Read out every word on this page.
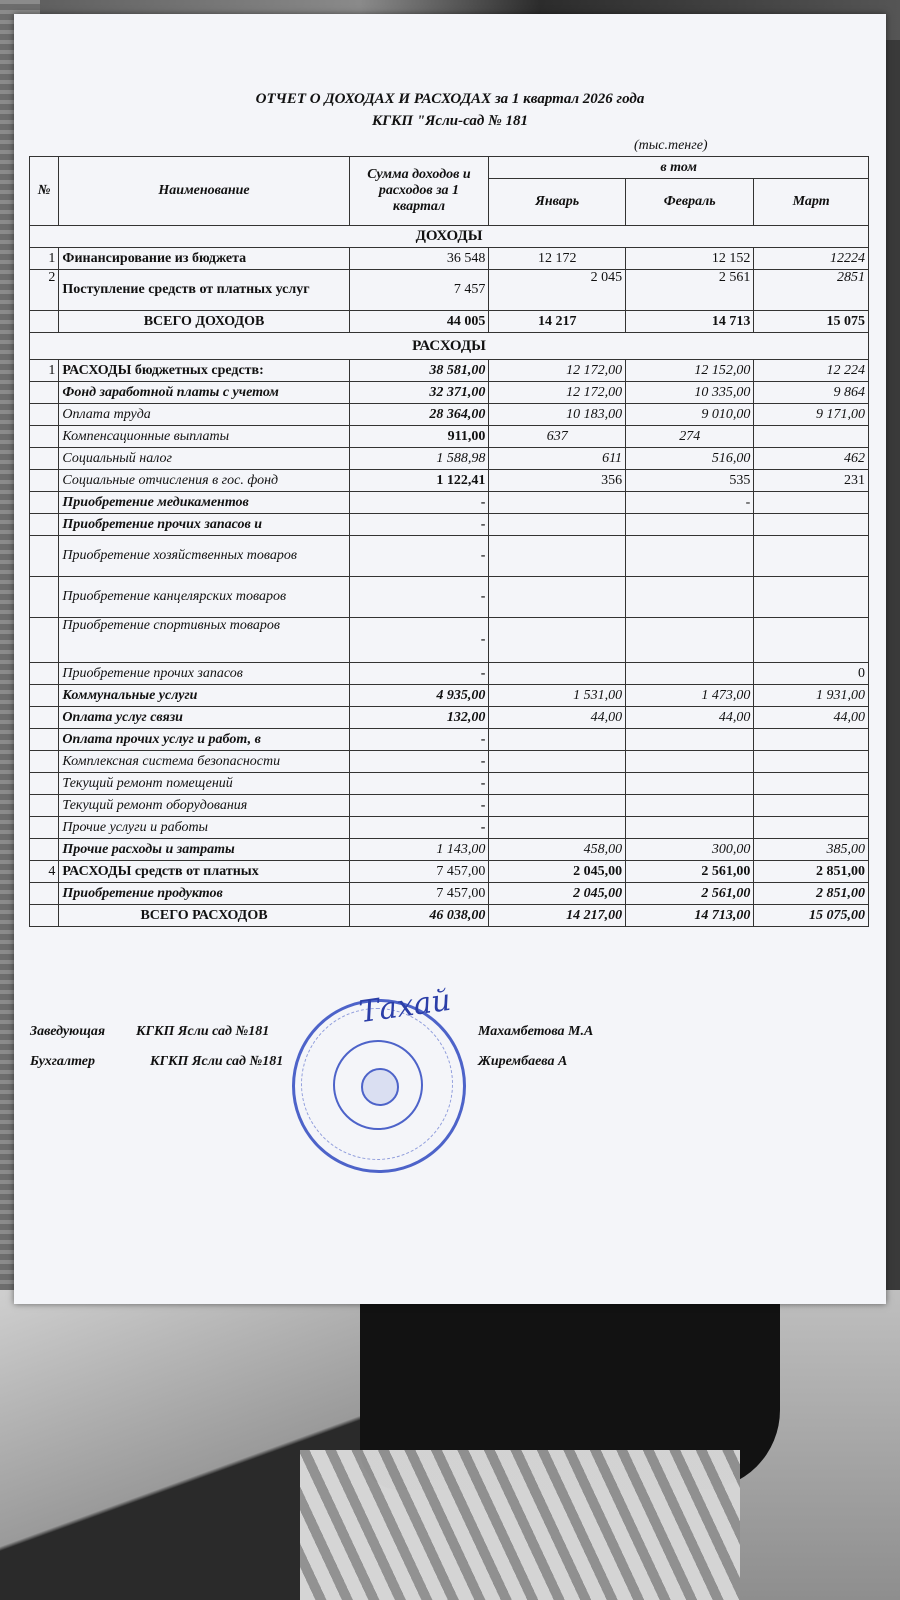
ОТЧЕТ О ДОХОДАХ И РАСХОДАХ за 1 квартал 2026 года
КГКП "Ясли-сад № 181
(тыс.тенге)
№	Наименование	Сумма доходов и расходов за 1 квартал	в том		
			Январь	Февраль	Март
ДОХОДЫ					
1	Финансирование из бюджета	36 548	12 172	12 152	12224
2	Поступление средств от платных услуг	7 457	2 045	2 561	2851
	ВСЕГО ДОХОДОВ	44 005	14 217	14 713	15 075
РАСХОДЫ					
1	РАСХОДЫ бюджетных средств:	38 581,00	12 172,00	12 152,00	12 224
	Фонд заработной платы с учетом	32 371,00	12 172,00	10 335,00	9 864
	Оплата труда	28 364,00	10 183,00	9 010,00	9 171,00
	Компенсационные выплаты	911,00	637	274	
	Социальный налог	1 588,98	611	516,00	462
	Социальные отчисления в гос. фонд	1 122,41	356	535	231
	Приобретение медикаментов	-		-	
	Приобретение прочих запасов и	-			
	Приобретение хозяйственных товаров	-			
	Приобретение канцелярских товаров	-			
	Приобретение спортивных товаров	-			
	Приобретение прочих запасов	-			0
	Коммунальные услуги	4 935,00	1 531,00	1 473,00	1 931,00
	Оплата услуг связи	132,00	44,00	44,00	44,00
	Оплата прочих услуг и работ, в	-			
	Комплексная система безопасности	-			
	Текущий ремонт помещений	-			
	Текущий ремонт оборудования	-			
	Прочие услуги и работы	-			
	Прочие расходы и затраты	1 143,00	458,00	300,00	385,00
4	РАСХОДЫ средств от платных	7 457,00	2 045,00	2 561,00	2 851,00
	Приобретение продуктов	7 457,00	2 045,00	2 561,00	2 851,00
	ВСЕГО РАСХОДОВ	46 038,00	14 217,00	14 713,00	15 075,00
Заведующая КГКП Ясли сад №181	Махамбетова М.А
Бухгалтер	КГКП Ясли сад №181	Жирембаева А
Тахай
